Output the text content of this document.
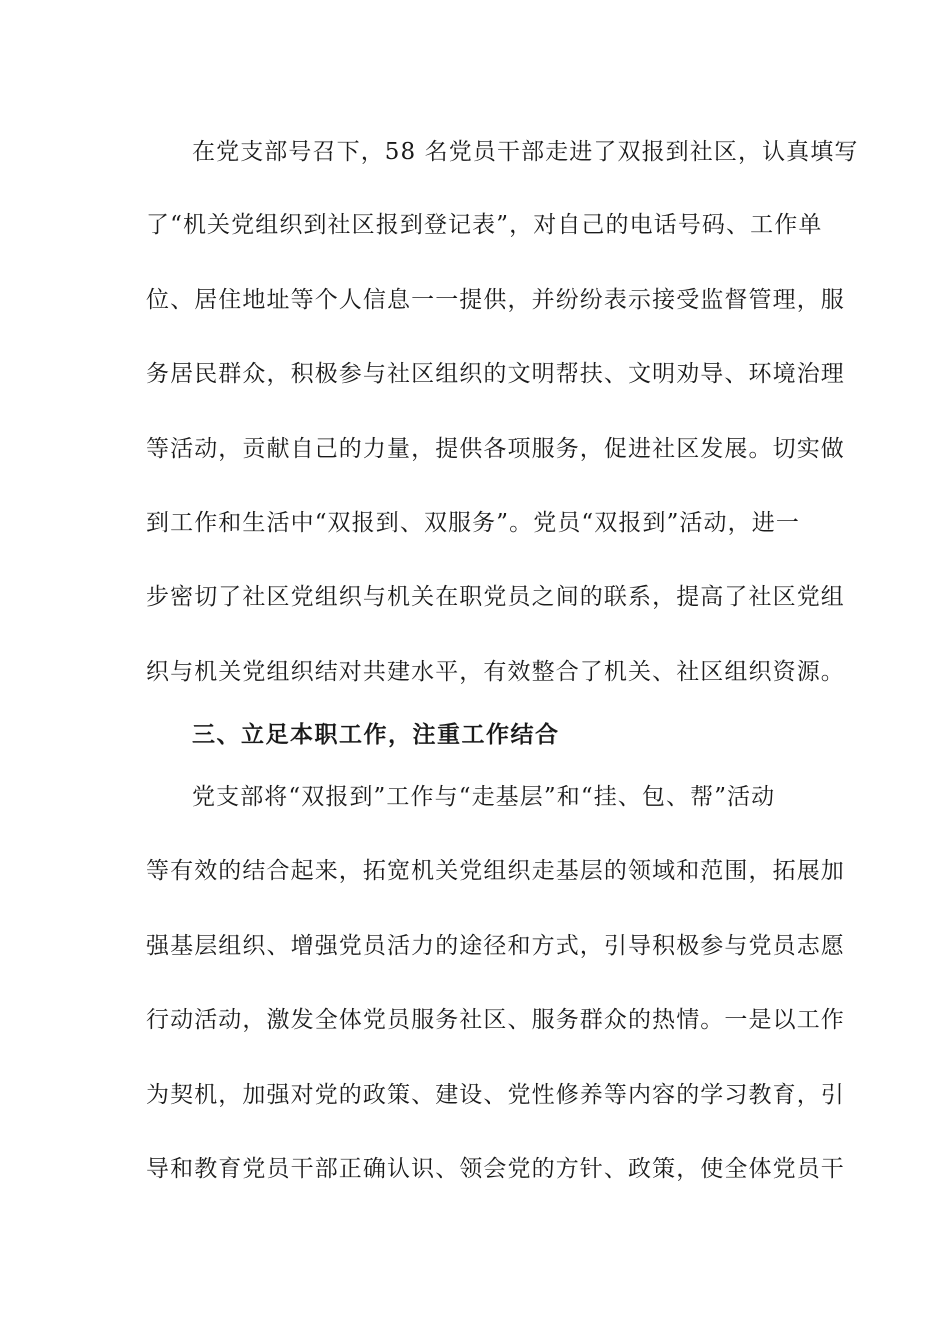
在党支部号召下，58 名党员干部走进了双报到社区，认真填写
了“机关党组织到社区报到登记表”，对自己的电话号码、工作单
位、居住地址等个人信息一一提供，并纷纷表示接受监督管理，服
务居民群众，积极参与社区组织的文明帮扶、文明劝导、环境治理
等活动，贡献自己的力量，提供各项服务，促进社区发展。切实做
到工作和生活中“双报到、双服务”。党员“双报到”活动，进一
步密切了社区党组织与机关在职党员之间的联系，提高了社区党组
织与机关党组织结对共建水平，有效整合了机关、社区组织资源。
三、立足本职工作，注重工作结合
党支部将“双报到”工作与“走基层”和“挂、包、帮”活动
等有效的结合起来，拓宽机关党组织走基层的领域和范围，拓展加
强基层组织、增强党员活力的途径和方式，引导积极参与党员志愿
行动活动，激发全体党员服务社区、服务群众的热情。一是以工作
为契机，加强对党的政策、建设、党性修养等内容的学习教育，引
导和教育党员干部正确认识、领会党的方针、政策，使全体党员干
